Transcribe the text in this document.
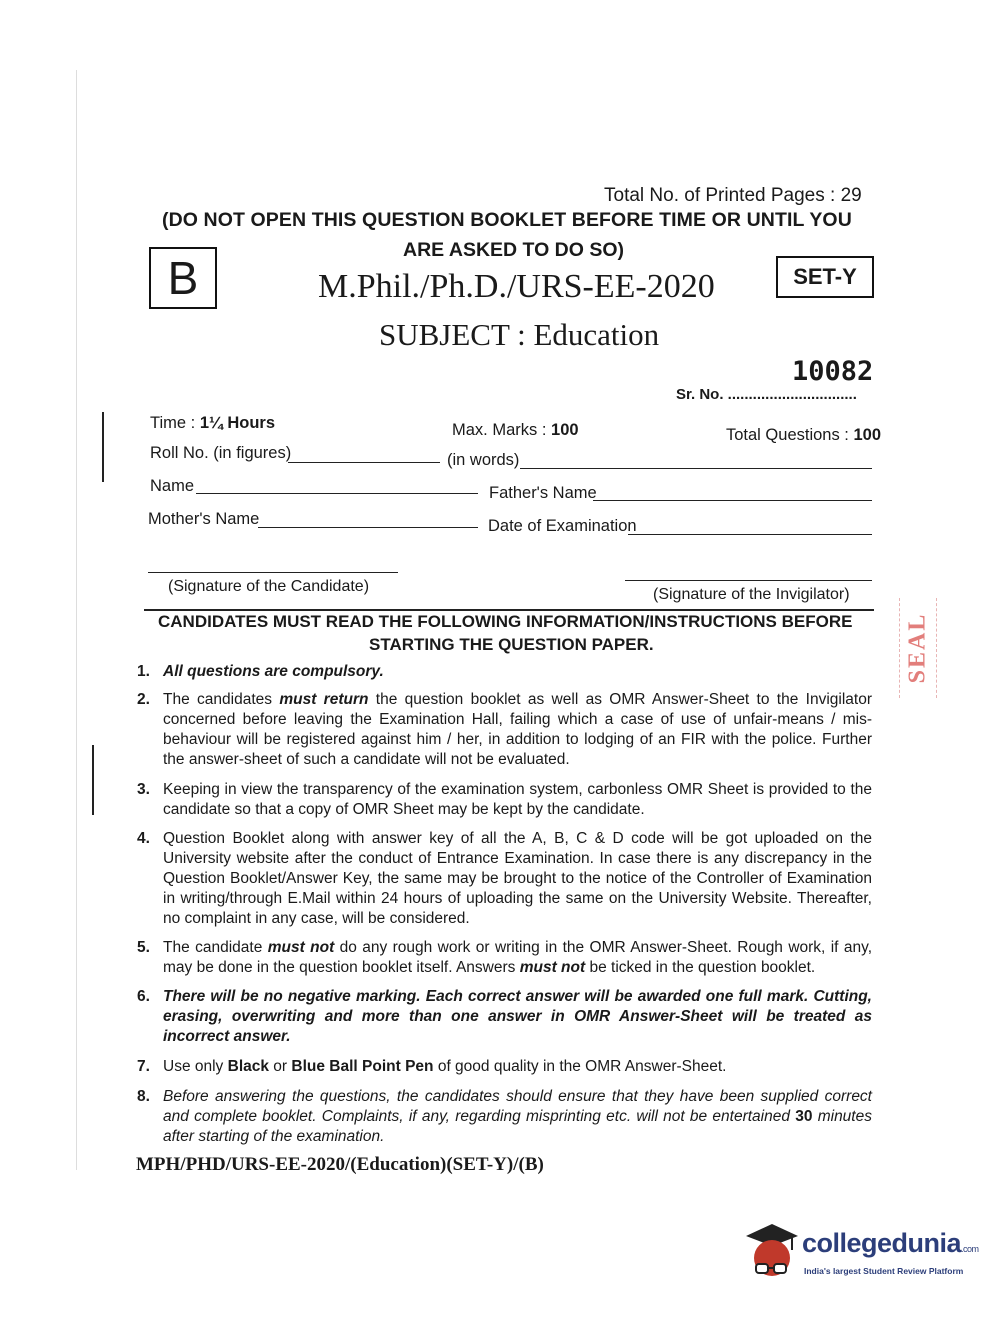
Total No. of Printed Pages : 29
(DO NOT OPEN THIS QUESTION BOOKLET BEFORE TIME OR UNTIL YOU
ARE ASKED TO DO SO)
B	M.Phil./Ph.D./URS-EE-2020	SET-Y
SUBJECT : Education
10082
Sr. No. ...............................
Time : 1¼ Hours	Max. Marks : 100	Total Questions : 100
Roll No. (in figures)	(in words)
Name	Father's Name
Mother's Name	Date of Examination
(Signature of the Candidate)	(Signature of the Invigilator)
SEAL
CANDIDATES MUST READ THE FOLLOWING INFORMATION/INSTRUCTIONS BEFORE
STARTING THE QUESTION PAPER.
1. All questions are compulsory.
2. The candidates must return the question booklet as well as OMR Answer-Sheet to the Invigilator concerned before leaving the Examination Hall, failing which a case of use of unfair-means / mis-behaviour will be registered against him / her, in addition to lodging of an FIR with the police. Further the answer-sheet of such a candidate will not be evaluated.
3. Keeping in view the transparency of the examination system, carbonless OMR Sheet is provided to the candidate so that a copy of OMR Sheet may be kept by the candidate.
4. Question Booklet along with answer key of all the A, B, C & D code will be got uploaded on the University website after the conduct of Entrance Examination. In case there is any discrepancy in the Question Booklet/Answer Key, the same may be brought to the notice of the Controller of Examination in writing/through E.Mail within 24 hours of uploading the same on the University Website. Thereafter, no complaint in any case, will be considered.
5. The candidate must not do any rough work or writing in the OMR Answer-Sheet. Rough work, if any, may be done in the question booklet itself. Answers must not be ticked in the question booklet.
6. There will be no negative marking. Each correct answer will be awarded one full mark. Cutting, erasing, overwriting and more than one answer in OMR Answer-Sheet will be treated as incorrect answer.
7. Use only Black or Blue Ball Point Pen of good quality in the OMR Answer-Sheet.
8. Before answering the questions, the candidates should ensure that they have been supplied correct and complete booklet. Complaints, if any, regarding misprinting etc. will not be entertained 30 minutes after starting of the examination.
MPH/PHD/URS-EE-2020/(Education)(SET-Y)/(B)
collegedunia.com
India's largest Student Review Platform
